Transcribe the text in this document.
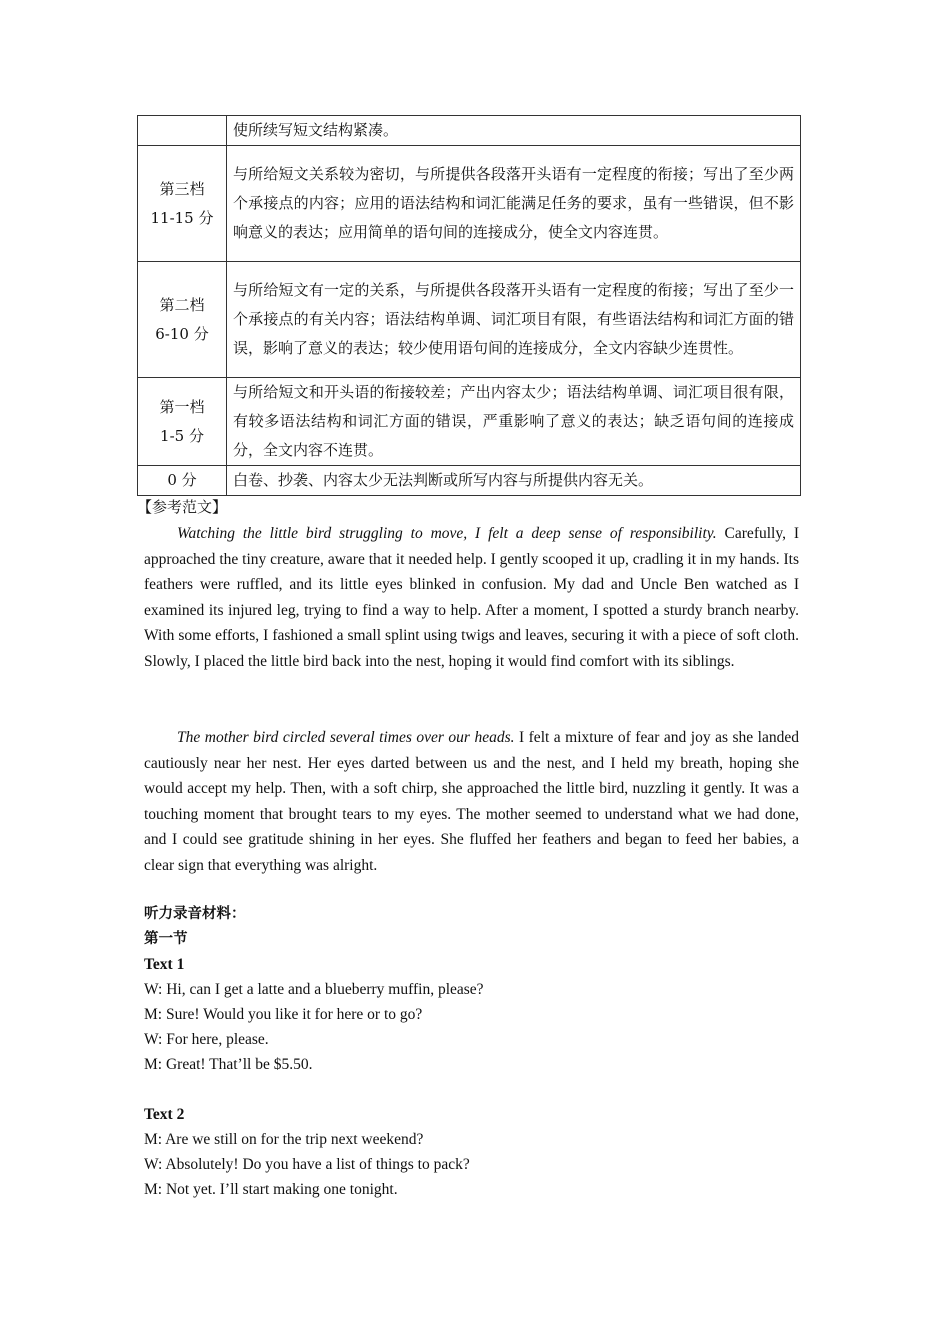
	使所续写短文结构紧凑。

第三档
11-15 分	与所给短文关系较为密切，与所提供各段落开头语有一定程度的衔接；写出了至少两个承接点的内容；应用的语法结构和词汇能满足任务的要求，虽有一些错误，但不影响意义的表达；应用简单的语句间的连接成分，使全文内容连贯。

第二档
6-10 分	与所给短文有一定的关系，与所提供各段落开头语有一定程度的衔接；写出了至少一个承接点的有关内容；语法结构单调、词汇项目有限，有些语法结构和词汇方面的错误，影响了意义的表达；较少使用语句间的连接成分，全文内容缺少连贯性。

第一档
1-5 分	与所给短文和开头语的衔接较差；产出内容太少；语法结构单调、词汇项目很有限，有较多语法结构和词汇方面的错误，严重影响了意义的表达；缺乏语句间的连接成分，全文内容不连贯。
0 分	白卷、抄袭、内容太少无法判断或所写内容与所提供内容无关。
【参考范文】

Watching the little bird struggling to move, I felt a deep sense of responsibility. Carefully, I approached the tiny creature, aware that it needed help. I gently scooped it up, cradling it in my hands. Its feathers were ruffled, and its little eyes blinked in confusion. My dad and Uncle Ben watched as I examined its injured leg, trying to find a way to help. After a moment, I spotted a sturdy branch nearby. With some efforts, I fashioned a small splint using twigs and leaves, securing it with a piece of soft cloth. Slowly, I placed the little bird back into the nest, hoping it would find comfort with its siblings.

The mother bird circled several times over our heads. I felt a mixture of fear and joy as she landed cautiously near her nest. Her eyes darted between us and the nest, and I held my breath, hoping she would accept my help. Then, with a soft chirp, she approached the little bird, nuzzling it gently. It was a touching moment that brought tears to my eyes. The mother seemed to understand what we had done, and I could see gratitude shining in her eyes. She fluffed her feathers and began to feed her babies, a clear sign that everything was alright.

听力录音材料：

第一节

Text 1

W: Hi, can I get a latte and a blueberry muffin, please?

M: Sure! Would you like it for here or to go?

W: For here, please.

M: Great! That’ll be $5.50.

Text 2

M: Are we still on for the trip next weekend?

W: Absolutely! Do you have a list of things to pack?

M: Not yet. I’ll start making one tonight.
